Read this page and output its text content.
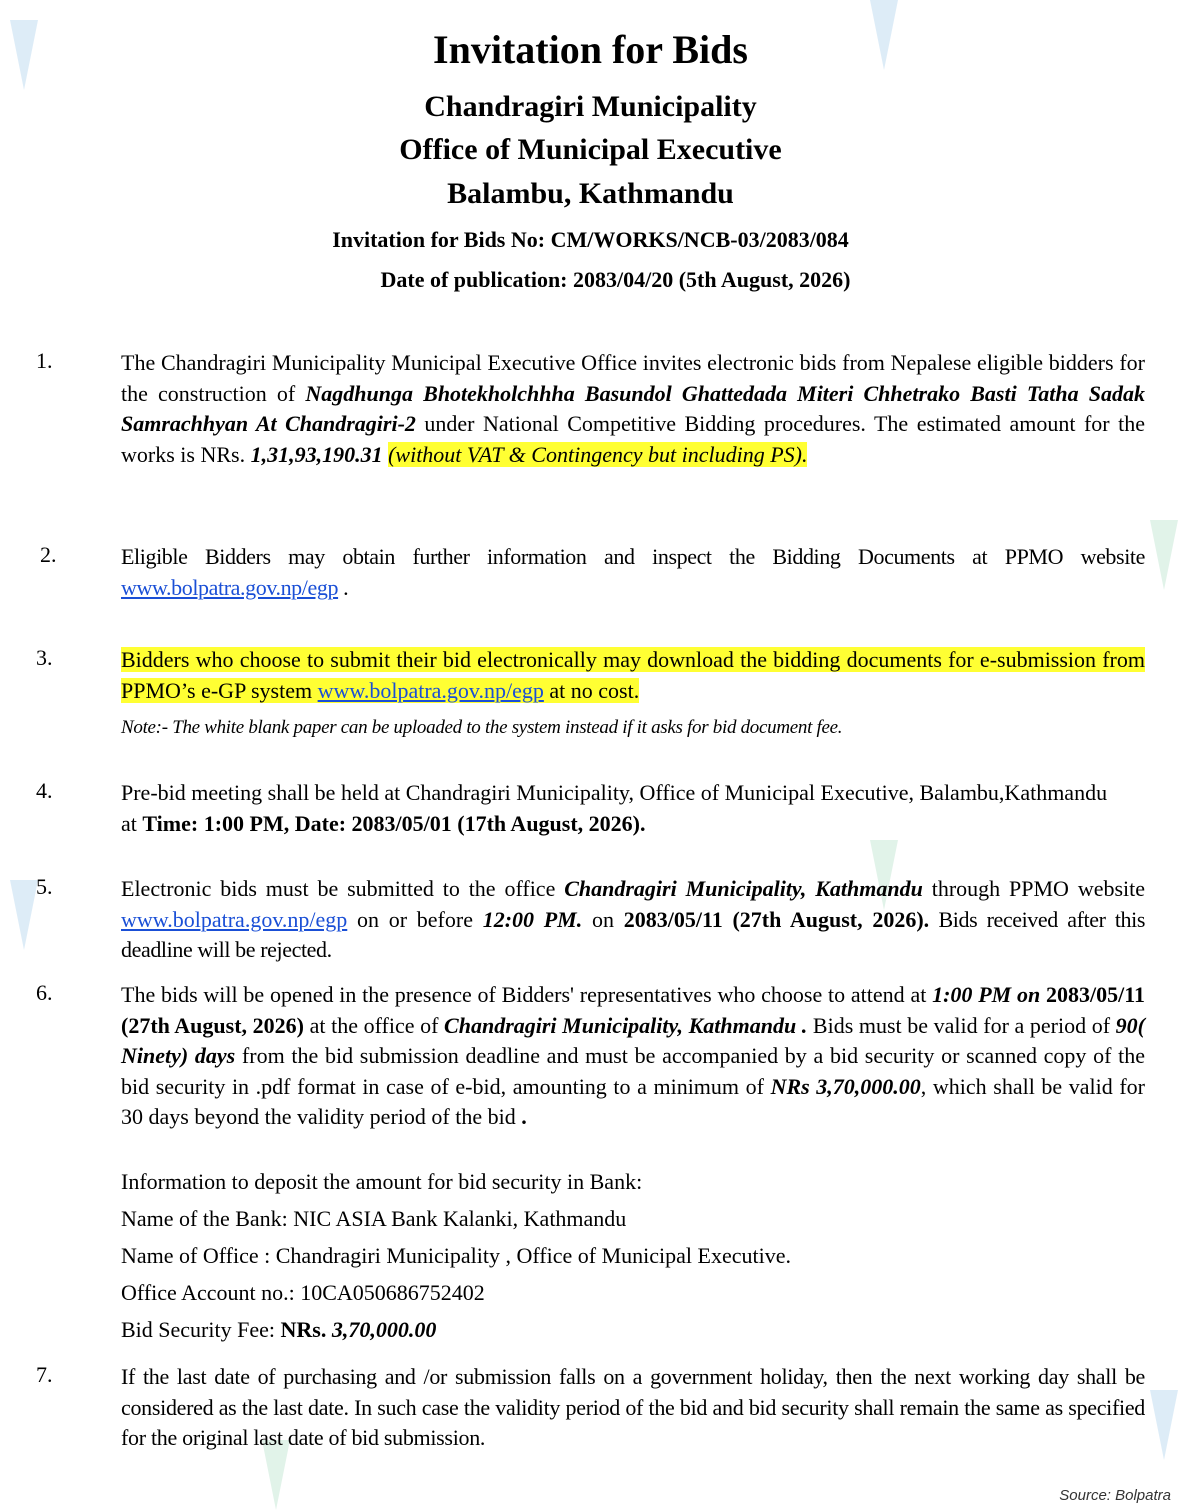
Invitation for Bids
Chandragiri Municipality
Office of Municipal Executive
Balambu, Kathmandu
Invitation for Bids No: CM/WORKS/NCB-03/2083/084
Date of publication: 2083/04/20 (5th August, 2026)
1.	The Chandragiri Municipality Municipal Executive Office invites electronic bids from Nepalese eligible bidders for the construction of Nagdhunga Bhotekholchhha Basundol Ghattedada Miteri Chhetrako Basti Tatha Sadak Samrachhyan At Chandragiri-2 under National Competitive Bidding procedures. The estimated amount for the works is NRs. 1,31,93,190.31 (without VAT & Contingency but including PS).
2.	Eligible Bidders may obtain further information and inspect the Bidding Documents at PPMO website www.bolpatra.gov.np/egp .
3.	Bidders who choose to submit their bid electronically may download the bidding documents for e-submission from PPMO’s e-GP system www.bolpatra.gov.np/egp at no cost.
Note:- The white blank paper can be uploaded to the system instead if it asks for bid document fee.
4.	Pre-bid meeting shall be held at Chandragiri Municipality, Office of Municipal Executive, Balambu,Kathmandu at Time: 1:00 PM, Date: 2083/05/01 (17th August, 2026).
5.	Electronic bids must be submitted to the office Chandragiri Municipality, Kathmandu through PPMO website www.bolpatra.gov.np/egp on or before 12:00 PM. on 2083/05/11 (27th August, 2026). Bids received after this deadline will be rejected.
6.	The bids will be opened in the presence of Bidders' representatives who choose to attend at 1:00 PM on 2083/05/11 (27th August, 2026) at the office of Chandragiri Municipality, Kathmandu . Bids must be valid for a period of 90( Ninety) days from the bid submission deadline and must be accompanied by a bid security or scanned copy of the bid security in .pdf format in case of e-bid, amounting to a minimum of NRs 3,70,000.00, which shall be valid for 30 days beyond the validity period of the bid .
Information to deposit the amount for bid security in Bank:
Name of the Bank: NIC ASIA Bank Kalanki, Kathmandu
Name of Office : Chandragiri Municipality , Office of Municipal Executive.
Office Account no.: 10CA050686752402
Bid Security Fee: NRs. 3,70,000.00
7.	If the last date of purchasing and /or submission falls on a government holiday, then the next working day shall be considered as the last date. In such case the validity period of the bid and bid security shall remain the same as specified for the original last date of bid submission.
Source: Bolpatra
